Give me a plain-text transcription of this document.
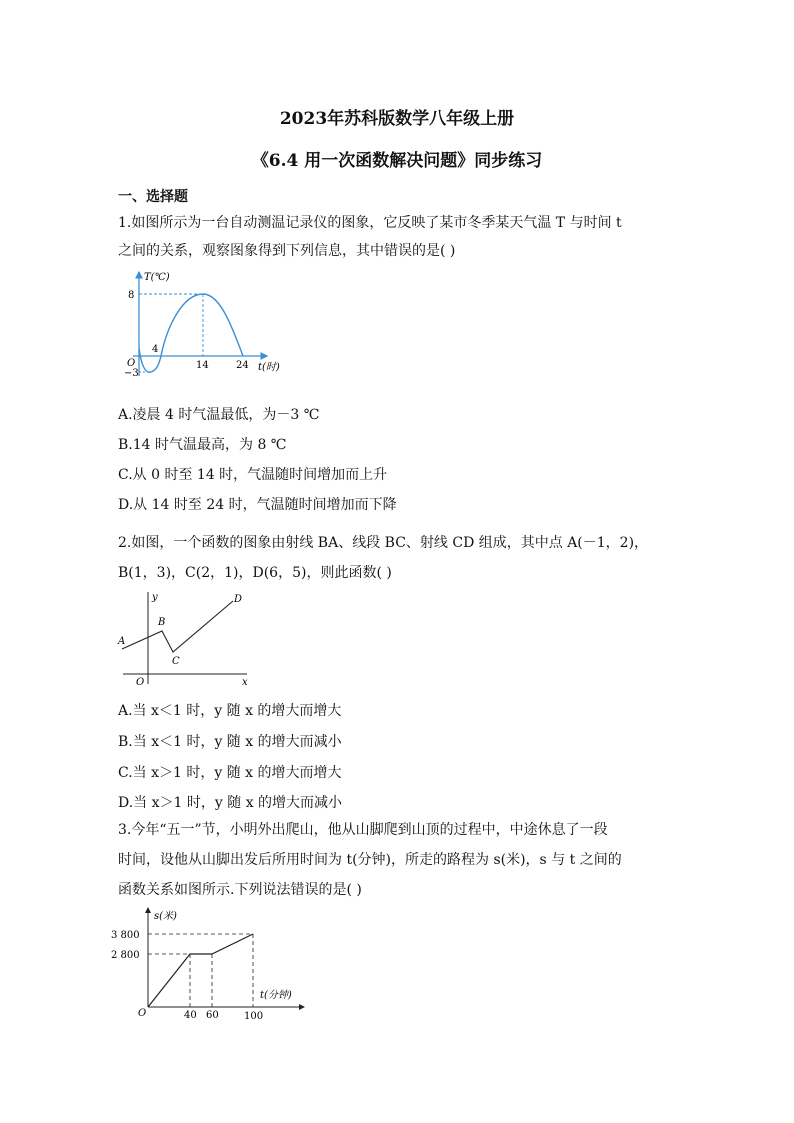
2023年苏科版数学八年级上册
《6.4 用一次函数解决问题》同步练习
一、选择题
1.如图所示为一台自动测温记录仪的图象，它反映了某市冬季某天气温 T 与时间 t
之间的关系，观察图象得到下列信息，其中错误的是( )
T(℃)
O
8
−3
4
14	24 t(时)
A.凌晨 4 时气温最低，为－3 ℃
B.14 时气温最高，为 8 ℃
C.从 0 时至 14 时，气温随时间增加而上升
D.从 14 时至 24 时，气温随时间增加而下降
2.如图，一个函数的图象由射线 BA、线段 BC、射线 CD 组成，其中点 A(－1，2)，
B(1，3)，C(2，1)，D(6，5)，则此函数( )
y
A
B
C
D
O	x
A.当 x＜1 时，y 随 x 的增大而增大
B.当 x＜1 时，y 随 x 的增大而减小
C.当 x＞1 时，y 随 x 的增大而增大
D.当 x＞1 时，y 随 x 的增大而减小
3.今年“五一”节，小明外出爬山，他从山脚爬到山顶的过程中，中途休息了一段
时间，设他从山脚出发后所用时间为 t(分钟)，所走的路程为 s(米)，s 与 t 之间的
函数关系如图所示.下列说法错误的是( )
s(米)
3 800
2 800
O	40 60	100
t(分钟)
